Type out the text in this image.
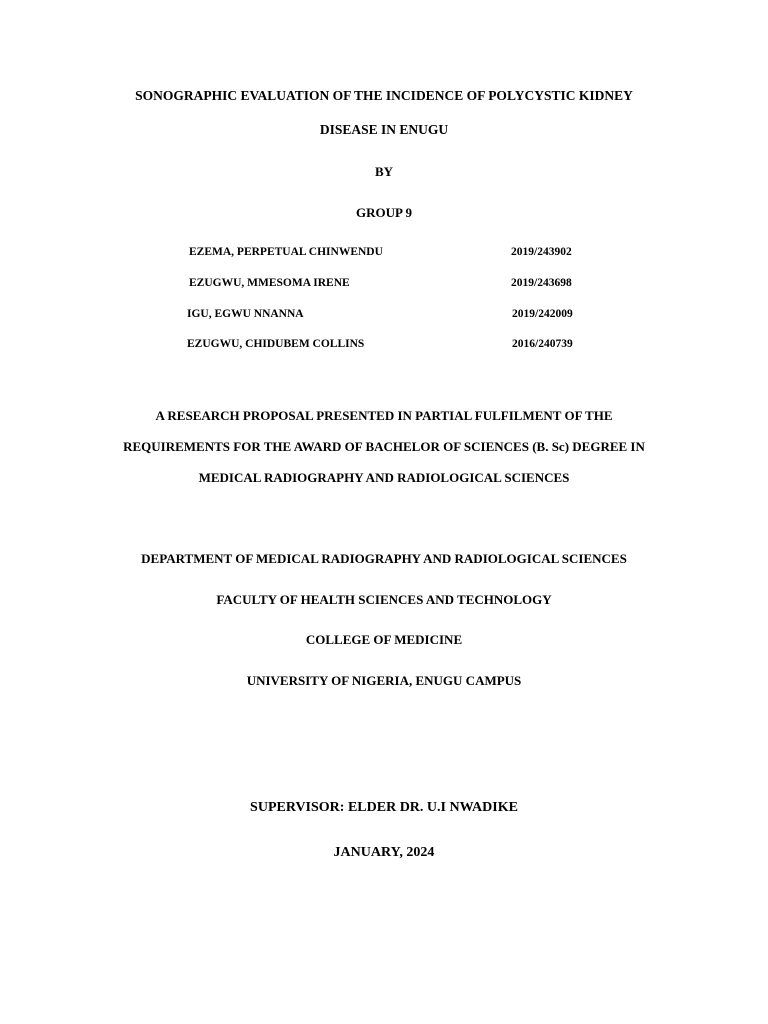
SONOGRAPHIC EVALUATION OF THE INCIDENCE OF POLYCYSTIC KIDNEY
DISEASE IN ENUGU
BY
GROUP 9
EZEMA, PERPETUAL CHINWENDU	2019/243902
EZUGWU, MMESOMA IRENE	2019/243698
IGU, EGWU NNANNA	2019/242009
EZUGWU, CHIDUBEM COLLINS	2016/240739
A RESEARCH PROPOSAL PRESENTED IN PARTIAL FULFILMENT OF THE
REQUIREMENTS FOR THE AWARD OF BACHELOR OF SCIENCES (B. Sc) DEGREE IN
MEDICAL RADIOGRAPHY AND RADIOLOGICAL SCIENCES
DEPARTMENT OF MEDICAL RADIOGRAPHY AND RADIOLOGICAL SCIENCES
FACULTY OF HEALTH SCIENCES AND TECHNOLOGY
COLLEGE OF MEDICINE
UNIVERSITY OF NIGERIA, ENUGU CAMPUS
SUPERVISOR: ELDER DR. U.I NWADIKE
JANUARY, 2024
